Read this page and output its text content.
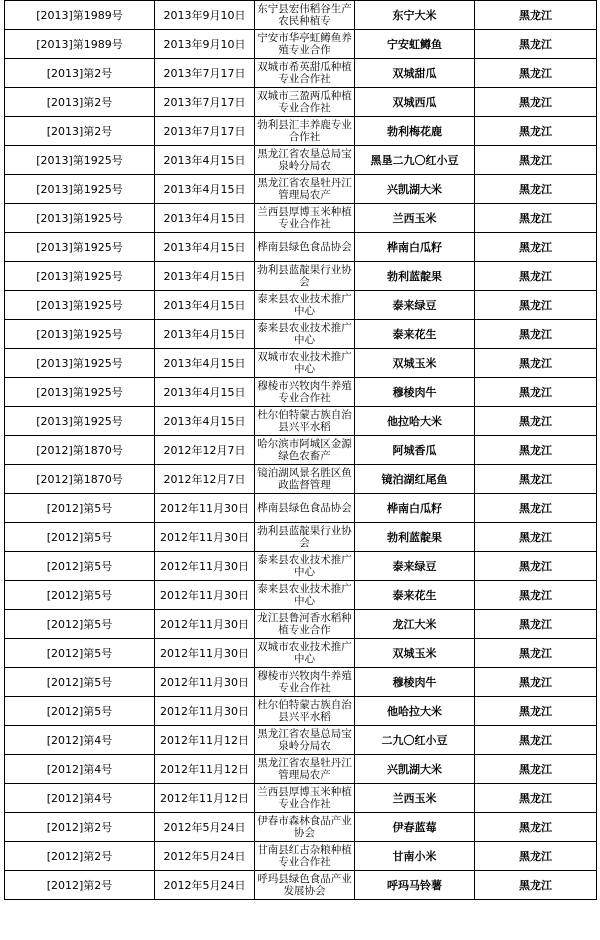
[2013]第1989号	2013年9月10日	东宁县宏伟稻谷生产农民种植专	东宁大米	黑龙江
[2013]第1989号	2013年9月10日	宁安市华亭虹鳟鱼养殖专业合作	宁安虹鳟鱼	黑龙江
[2013]第2号	2013年7月17日	双城市希英甜瓜种植专业合作社	双城甜瓜	黑龙江
[2013]第2号	2013年7月17日	双城市三盈两瓜种植专业合作社	双城西瓜	黑龙江
[2013]第2号	2013年7月17日	勃利县汇丰养鹿专业合作社	勃利梅花鹿	黑龙江
[2013]第1925号	2013年4月15日	黑龙江省农垦总局宝泉岭分局农	黑垦二九〇红小豆	黑龙江
[2013]第1925号	2013年4月15日	黑龙江省农垦牡丹江管理局农产	兴凯湖大米	黑龙江
[2013]第1925号	2013年4月15日	兰西县厚博玉米种植专业合作社	兰西玉米	黑龙江
[2013]第1925号	2013年4月15日	桦南县绿色食品协会	桦南白瓜籽	黑龙江
[2013]第1925号	2013年4月15日	勃利县蓝靛果行业协会	勃利蓝靛果	黑龙江
[2013]第1925号	2013年4月15日	泰来县农业技术推广中心	泰来绿豆	黑龙江
[2013]第1925号	2013年4月15日	泰来县农业技术推广中心	泰来花生	黑龙江
[2013]第1925号	2013年4月15日	双城市农业技术推广中心	双城玉米	黑龙江
[2013]第1925号	2013年4月15日	穆棱市兴牧肉牛养殖专业合作社	穆棱肉牛	黑龙江
[2013]第1925号	2013年4月15日	杜尔伯特蒙古族自治县兴平水稻	他拉哈大米	黑龙江
[2012]第1870号	2012年12月7日	哈尔滨市阿城区金源绿色农畜产	阿城香瓜	黑龙江
[2012]第1870号	2012年12月7日	镜泊湖风景名胜区鱼政监督管理	镜泊湖红尾鱼	黑龙江
[2012]第5号	2012年11月30日	桦南县绿色食品协会	桦南白瓜籽	黑龙江
[2012]第5号	2012年11月30日	勃利县蓝靛果行业协会	勃利蓝靛果	黑龙江
[2012]第5号	2012年11月30日	泰来县农业技术推广中心	泰来绿豆	黑龙江
[2012]第5号	2012年11月30日	泰来县农业技术推广中心	泰来花生	黑龙江
[2012]第5号	2012年11月30日	龙江县鲁河香水稻种植专业合作	龙江大米	黑龙江
[2012]第5号	2012年11月30日	双城市农业技术推广中心	双城玉米	黑龙江
[2012]第5号	2012年11月30日	穆棱市兴牧肉牛养殖专业合作社	穆棱肉牛	黑龙江
[2012]第5号	2012年11月30日	杜尔伯特蒙古族自治县兴平水稻	他哈拉大米	黑龙江
[2012]第4号	2012年11月12日	黑龙江省农垦总局宝泉岭分局农	二九〇红小豆	黑龙江
[2012]第4号	2012年11月12日	黑龙江省农垦牡丹江管理局农产	兴凯湖大米	黑龙江
[2012]第4号	2012年11月12日	兰西县厚博玉米种植专业合作社	兰西玉米	黑龙江
[2012]第2号	2012年5月24日	伊春市森林食品产业协会	伊春蓝莓	黑龙江
[2012]第2号	2012年5月24日	甘南县红古杂粮种植专业合作社	甘南小米	黑龙江
[2012]第2号	2012年5月24日	呼玛县绿色食品产业发展协会	呼玛马铃薯	黑龙江
